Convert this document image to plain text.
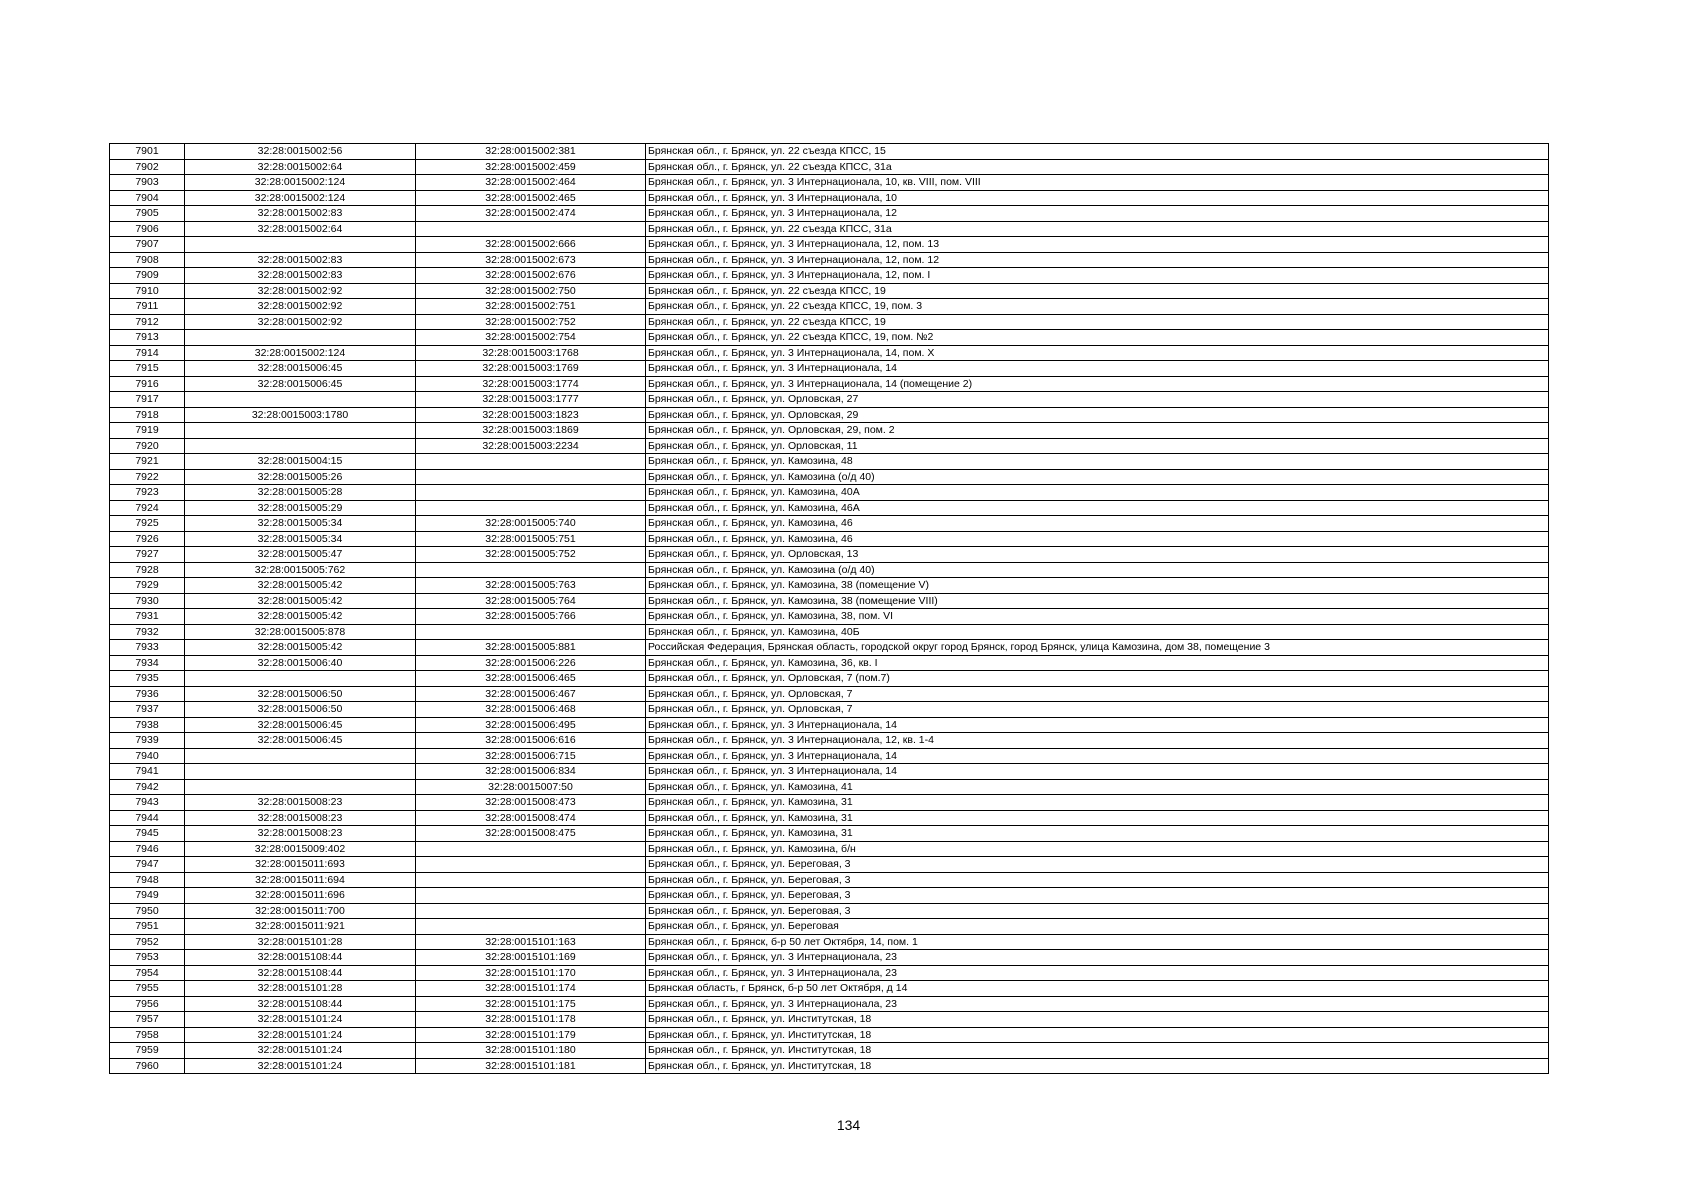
7901	32:28:0015002:56	32:28:0015002:381	Брянская обл., г. Брянск, ул. 22 съезда КПСС, 15
7902	32:28:0015002:64	32:28:0015002:459	Брянская обл., г. Брянск, ул. 22 съезда КПСС, 31а
7903	32:28:0015002:124	32:28:0015002:464	Брянская обл., г. Брянск, ул. 3 Интернационала, 10, кв. VIII, пом. VIII
7904	32:28:0015002:124	32:28:0015002:465	Брянская обл., г. Брянск, ул. 3 Интернационала, 10
7905	32:28:0015002:83	32:28:0015002:474	Брянская обл., г. Брянск, ул. 3 Интернационала, 12
7906	32:28:0015002:64		Брянская обл., г. Брянск, ул. 22 съезда КПСС, 31а
7907		32:28:0015002:666	Брянская обл., г. Брянск, ул. 3 Интернационала, 12, пом. 13
7908	32:28:0015002:83	32:28:0015002:673	Брянская обл., г. Брянск, ул. 3 Интернационала, 12, пом. 12
7909	32:28:0015002:83	32:28:0015002:676	Брянская обл., г. Брянск, ул. 3 Интернационала, 12, пом. I
7910	32:28:0015002:92	32:28:0015002:750	Брянская обл., г. Брянск, ул. 22 съезда КПСС, 19
7911	32:28:0015002:92	32:28:0015002:751	Брянская обл., г. Брянск, ул. 22 съезда КПСС, 19, пом. 3
7912	32:28:0015002:92	32:28:0015002:752	Брянская обл., г. Брянск, ул. 22 съезда КПСС, 19
7913		32:28:0015002:754	Брянская обл., г. Брянск, ул. 22 съезда КПСС, 19, пом. №2
7914	32:28:0015002:124	32:28:0015003:1768	Брянская обл., г. Брянск, ул. 3 Интернационала, 14, пом. X
7915	32:28:0015006:45	32:28:0015003:1769	Брянская обл., г. Брянск, ул. 3 Интернационала, 14
7916	32:28:0015006:45	32:28:0015003:1774	Брянская обл., г. Брянск, ул. 3 Интернационала, 14 (помещение 2)
7917		32:28:0015003:1777	Брянская обл., г. Брянск, ул. Орловская, 27
7918	32:28:0015003:1780	32:28:0015003:1823	Брянская обл., г. Брянск, ул. Орловская, 29
7919		32:28:0015003:1869	Брянская обл., г. Брянск, ул. Орловская, 29, пом. 2
7920		32:28:0015003:2234	Брянская обл., г. Брянск, ул. Орловская, 11
7921	32:28:0015004:15		Брянская обл., г. Брянск, ул. Камозина, 48
7922	32:28:0015005:26		Брянская обл., г. Брянск, ул. Камозина (о/д 40)
7923	32:28:0015005:28		Брянская обл., г. Брянск, ул. Камозина, 40А
7924	32:28:0015005:29		Брянская обл., г. Брянск, ул. Камозина, 46А
7925	32:28:0015005:34	32:28:0015005:740	Брянская обл., г. Брянск, ул. Камозина, 46
7926	32:28:0015005:34	32:28:0015005:751	Брянская обл., г. Брянск, ул. Камозина, 46
7927	32:28:0015005:47	32:28:0015005:752	Брянская обл., г. Брянск, ул. Орловская, 13
7928	32:28:0015005:762		Брянская обл., г. Брянск, ул. Камозина (о/д 40)
7929	32:28:0015005:42	32:28:0015005:763	Брянская обл., г. Брянск, ул. Камозина, 38 (помещение V)
7930	32:28:0015005:42	32:28:0015005:764	Брянская обл., г. Брянск, ул. Камозина, 38 (помещение VIII)
7931	32:28:0015005:42	32:28:0015005:766	Брянская обл., г. Брянск, ул. Камозина, 38, пом. VI
7932	32:28:0015005:878		Брянская обл., г. Брянск, ул. Камозина, 40Б
7933	32:28:0015005:42	32:28:0015005:881	Российская Федерация, Брянская область, городской округ город Брянск, город Брянск, улица Камозина, дом 38, помещение 3
7934	32:28:0015006:40	32:28:0015006:226	Брянская обл., г. Брянск, ул. Камозина, 36, кв. I
7935		32:28:0015006:465	Брянская обл., г. Брянск, ул. Орловская, 7 (пом.7)
7936	32:28:0015006:50	32:28:0015006:467	Брянская обл., г. Брянск, ул. Орловская, 7
7937	32:28:0015006:50	32:28:0015006:468	Брянская обл., г. Брянск, ул. Орловская, 7
7938	32:28:0015006:45	32:28:0015006:495	Брянская обл., г. Брянск, ул. 3 Интернационала, 14
7939	32:28:0015006:45	32:28:0015006:616	Брянская обл., г. Брянск, ул. 3 Интернационала, 12, кв. 1-4
7940		32:28:0015006:715	Брянская обл., г. Брянск, ул. 3 Интернационала, 14
7941		32:28:0015006:834	Брянская обл., г. Брянск, ул. 3 Интернационала, 14
7942		32:28:0015007:50	Брянская обл., г. Брянск, ул. Камозина, 41
7943	32:28:0015008:23	32:28:0015008:473	Брянская обл., г. Брянск, ул. Камозина, 31
7944	32:28:0015008:23	32:28:0015008:474	Брянская обл., г. Брянск, ул. Камозина, 31
7945	32:28:0015008:23	32:28:0015008:475	Брянская обл., г. Брянск, ул. Камозина, 31
7946	32:28:0015009:402		Брянская обл., г. Брянск, ул. Камозина, б/н
7947	32:28:0015011:693		Брянская обл., г. Брянск, ул. Береговая, 3
7948	32:28:0015011:694		Брянская обл., г. Брянск, ул. Береговая, 3
7949	32:28:0015011:696		Брянская обл., г. Брянск, ул. Береговая, 3
7950	32:28:0015011:700		Брянская обл., г. Брянск, ул. Береговая, 3
7951	32:28:0015011:921		Брянская обл., г. Брянск, ул. Береговая
7952	32:28:0015101:28	32:28:0015101:163	Брянская обл., г. Брянск, б-р 50 лет Октября, 14, пом. 1
7953	32:28:0015108:44	32:28:0015101:169	Брянская обл., г. Брянск, ул. 3 Интернационала, 23
7954	32:28:0015108:44	32:28:0015101:170	Брянская обл., г. Брянск, ул. 3 Интернационала, 23
7955	32:28:0015101:28	32:28:0015101:174	Брянская область, г Брянск, б-р 50 лет Октября, д 14
7956	32:28:0015108:44	32:28:0015101:175	Брянская обл., г. Брянск, ул. 3 Интернационала, 23
7957	32:28:0015101:24	32:28:0015101:178	Брянская обл., г. Брянск, ул. Институтская, 18
7958	32:28:0015101:24	32:28:0015101:179	Брянская обл., г. Брянск, ул. Институтская, 18
7959	32:28:0015101:24	32:28:0015101:180	Брянская обл., г. Брянск, ул. Институтская, 18
7960	32:28:0015101:24	32:28:0015101:181	Брянская обл., г. Брянск, ул. Институтская, 18
134
